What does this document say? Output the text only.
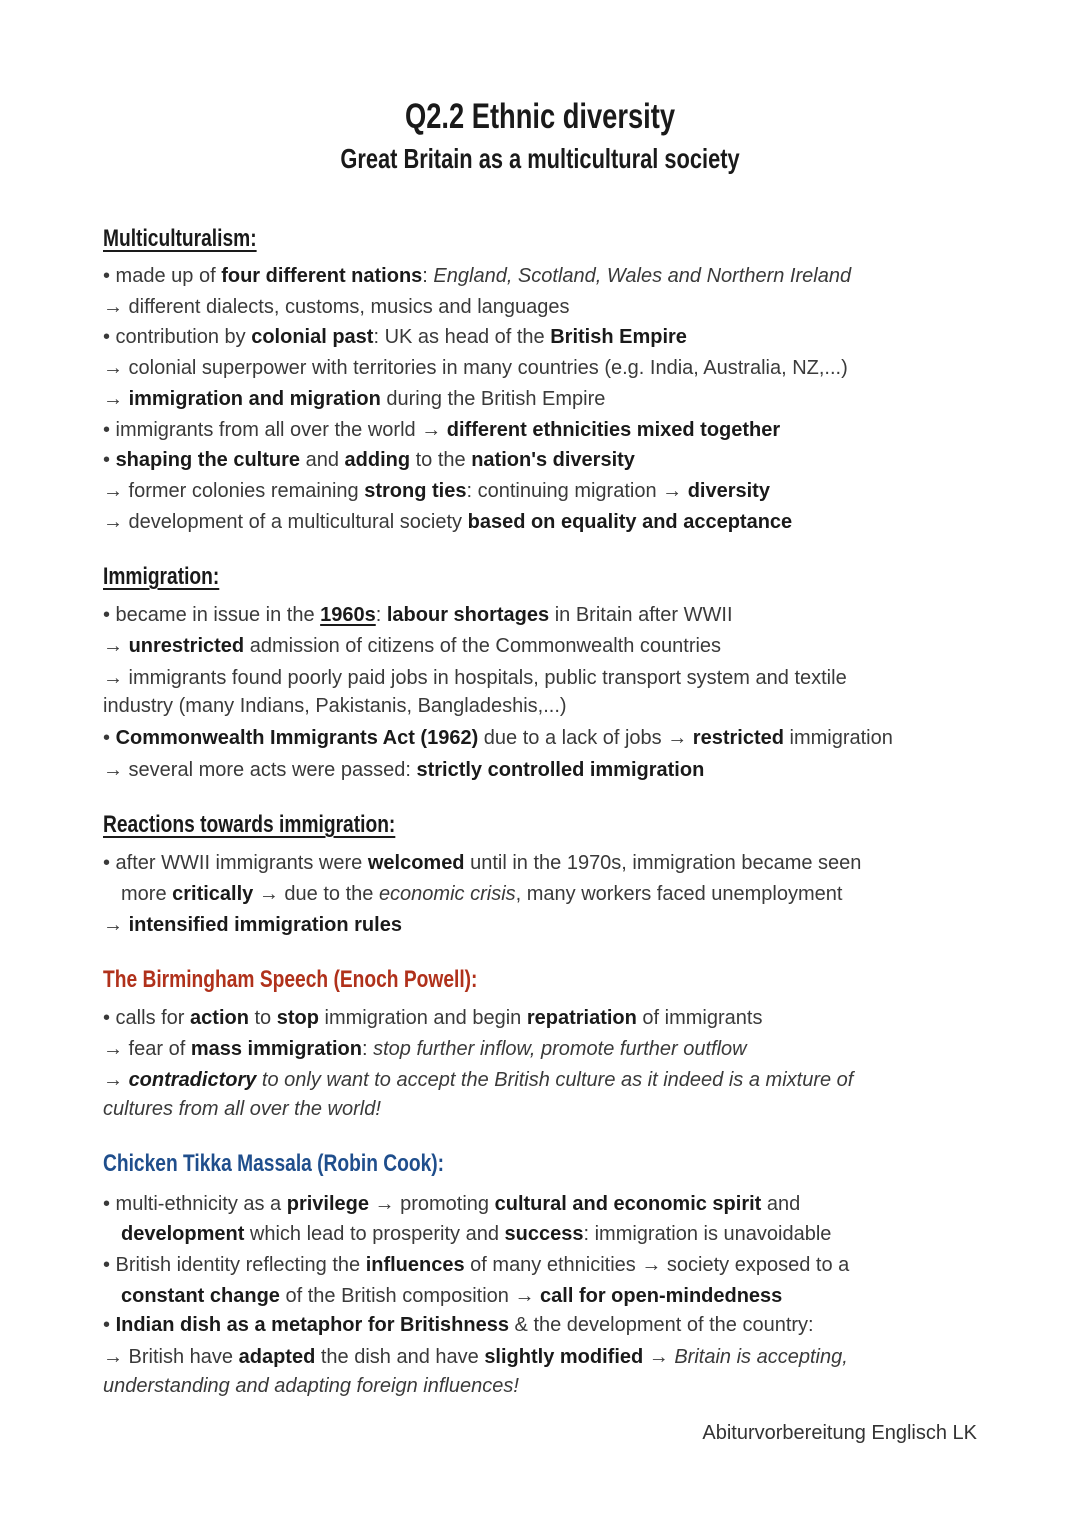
Q2.2 Ethnic diversity
Great Britain as a multicultural society
Multiculturalism:
Immigration:
Reactions towards immigration:
The Birmingham Speech (Enoch Powell):
Chicken Tikka Massala (Robin Cook):
• made up of four different nations: England, Scotland, Wales and Northern Ireland
→ different dialects, customs, musics and languages
• contribution by colonial past: UK as head of the British Empire
→ colonial superpower with territories in many countries (e.g. India, Australia, NZ,...)
→ immigration and migration during the British Empire
• immigrants from all over the world → different ethnicities mixed together
• shaping the culture and adding to the nation's diversity
→ former colonies remaining strong ties: continuing migration → diversity
→ development of a multicultural society based on equality and acceptance
• became in issue in the 1960s: labour shortages in Britain after WWII
→ unrestricted admission of citizens of the Commonwealth countries
→ immigrants found poorly paid jobs in hospitals, public transport system and textile
industry (many Indians, Pakistanis, Bangladeshis,...)
• Commonwealth Immigrants Act (1962) due to a lack of jobs → restricted immigration
→ several more acts were passed: strictly controlled immigration
• after WWII immigrants were welcomed until in the 1970s, immigration became seen
more critically → due to the economic crisis, many workers faced unemployment
→ intensified immigration rules
• calls for action to stop immigration and begin repatriation of immigrants
→ fear of mass immigration: stop further inflow, promote further outflow
→ contradictory to only want to accept the British culture as it indeed is a mixture of
cultures from all over the world!
• multi-ethnicity as a privilege → promoting cultural and economic spirit and
development which lead to prosperity and success: immigration is unavoidable
• British identity reflecting the influences of many ethnicities → society exposed to a
constant change of the British composition → call for open-mindedness
• Indian dish as a metaphor for Britishness & the development of the country:
→ British have adapted the dish and have slightly modified → Britain is accepting,
understanding and adapting foreign influences!
Abiturvorbereitung Englisch LK
